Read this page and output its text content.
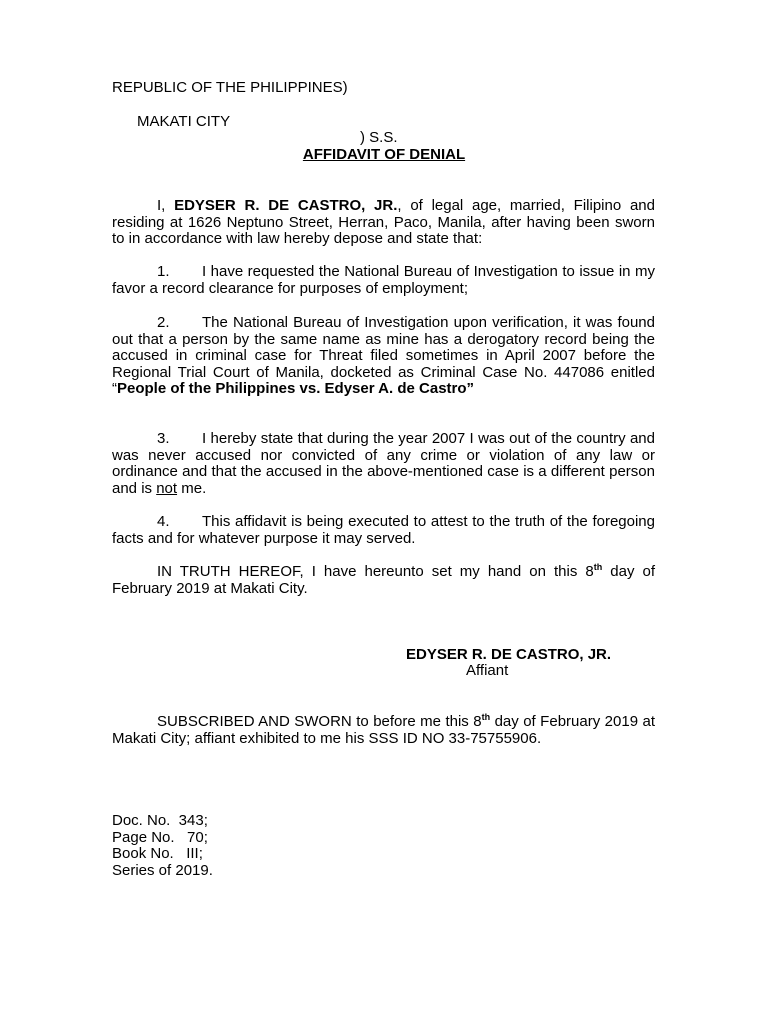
REPUBLIC OF THE PHILIPPINES)

MAKATI CITY

) S.S.

AFFIDAVIT OF DENIAL
I, EDYSER R. DE CASTRO, JR., of legal age, married, Filipino and residing at 1626 Neptuno Street, Herran, Paco, Manila, after having been sworn to in accordance with law hereby depose and state that:
1. I have requested the National Bureau of Investigation to issue in my favor a record clearance for purposes of employment;
2. The National Bureau of Investigation upon verification, it was found out that a person by the same name as mine has a derogatory record being the accused in criminal case for Threat filed sometimes in April 2007 before the Regional Trial Court of Manila, docketed as Criminal Case No. 447086 enitled “People of the Philippines vs. Edyser A. de Castro”
3. I hereby state that during the year 2007 I was out of the country and was never accused nor convicted of any crime or violation of any law or ordinance and that the accused in the above-mentioned case is a different person and is not me.
4. This affidavit is being executed to attest to the truth of the foregoing facts and for whatever purpose it may served.
IN TRUTH HEREOF, I have hereunto set my hand on this 8th day of February 2019 at Makati City.
EDYSER R. DE CASTRO, JR.
Affiant
SUBSCRIBED AND SWORN to before me this 8th day of February 2019 at Makati City; affiant exhibited to me his SSS ID NO 33-75755906.
Doc. No.  343;
Page No.   70;
Book No.   III;
Series of 2019.
